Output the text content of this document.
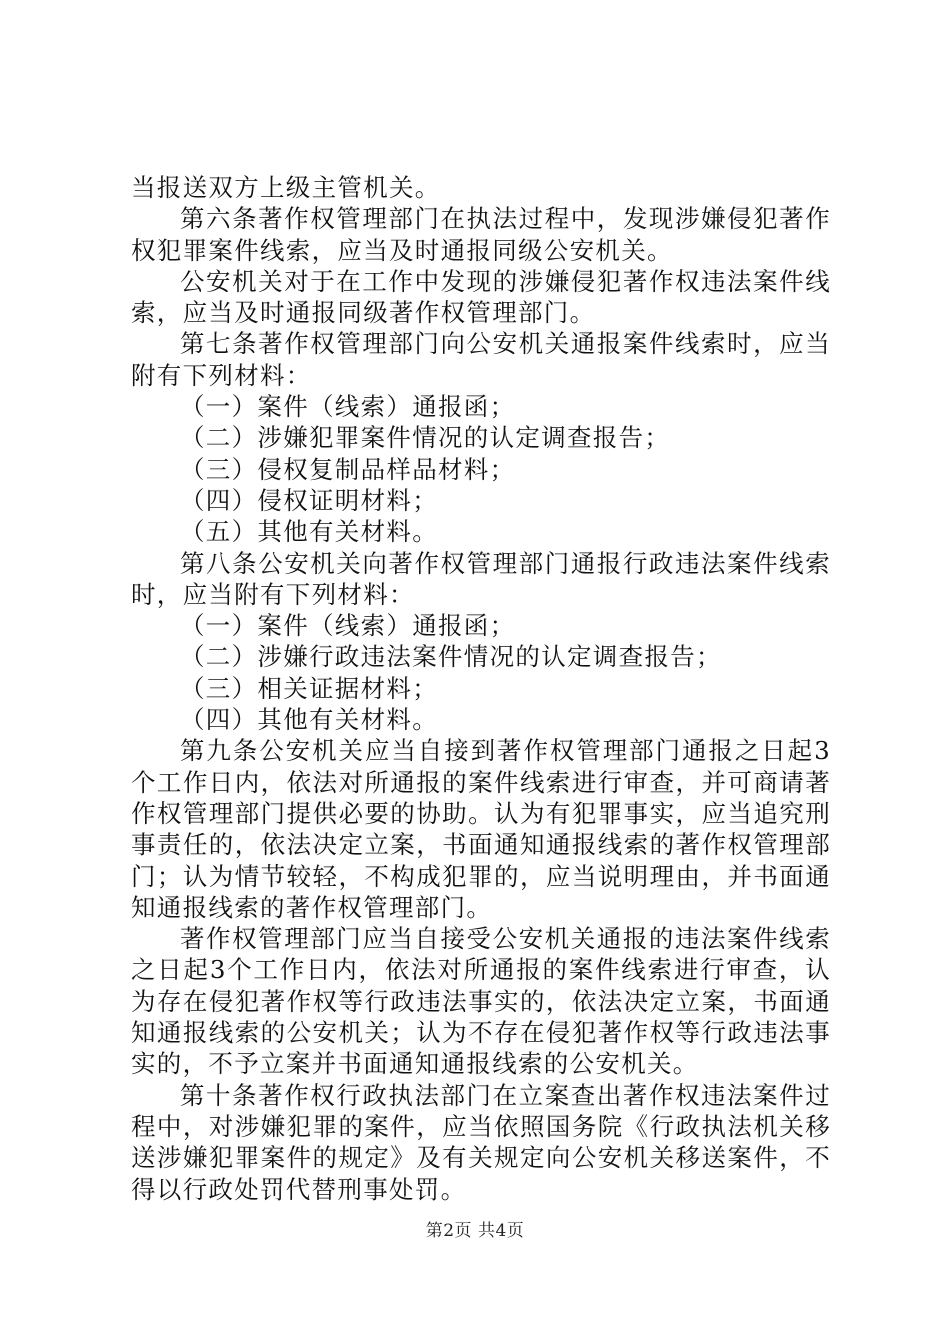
当报送双方上级主管机关。

第六条著作权管理部门在执法过程中，发现涉嫌侵犯著作权犯罪案件线索，应当及时通报同级公安机关。

公安机关对于在工作中发现的涉嫌侵犯著作权违法案件线索，应当及时通报同级著作权管理部门。

第七条著作权管理部门向公安机关通报案件线索时，应当附有下列材料：

（一）案件（线索）通报函；

（二）涉嫌犯罪案件情况的认定调查报告；

（三）侵权复制品样品材料；

（四）侵权证明材料；

（五）其他有关材料。

第八条公安机关向著作权管理部门通报行政违法案件线索时，应当附有下列材料：

（一）案件（线索）通报函；

（二）涉嫌行政违法案件情况的认定调查报告；

（三）相关证据材料；

（四）其他有关材料。

第九条公安机关应当自接到著作权管理部门通报之日起3个工作日内，依法对所通报的案件线索进行审查，并可商请著作权管理部门提供必要的协助。认为有犯罪事实，应当追究刑事责任的，依法决定立案，书面通知通报线索的著作权管理部门；认为情节较轻，不构成犯罪的，应当说明理由，并书面通知通报线索的著作权管理部门。

著作权管理部门应当自接受公安机关通报的违法案件线索之日起3个工作日内，依法对所通报的案件线索进行审查，认为存在侵犯著作权等行政违法事实的，依法决定立案，书面通知通报线索的公安机关；认为不存在侵犯著作权等行政违法事实的，不予立案并书面通知通报线索的公安机关。

第十条著作权行政执法部门在立案查出著作权违法案件过程中，对涉嫌犯罪的案件，应当依照国务院《行政执法机关移送涉嫌犯罪案件的规定》及有关规定向公安机关移送案件，不得以行政处罚代替刑事处罚。

第2页 共4页
